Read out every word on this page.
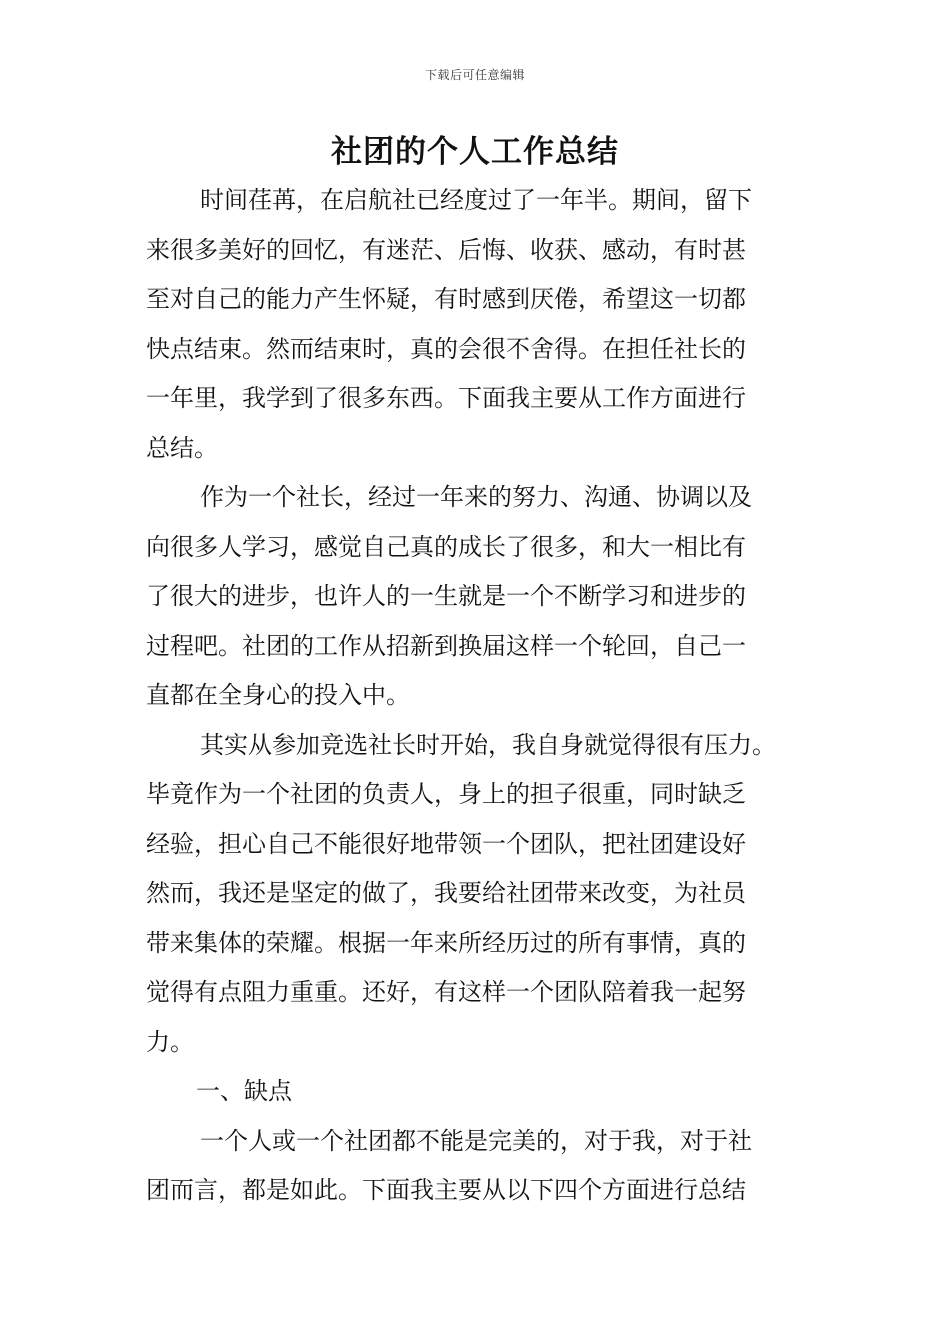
下载后可任意编辑
社团的个人工作总结
时间荏苒，在启航社已经度过了一年半。期间，留下
来很多美好的回忆，有迷茫、后悔、收获、感动，有时甚
至对自己的能力产生怀疑，有时感到厌倦，希望这一切都
快点结束。然而结束时，真的会很不舍得。在担任社长的
一年里，我学到了很多东西。下面我主要从工作方面进行
总结。
作为一个社长，经过一年来的努力、沟通、协调以及
向很多人学习，感觉自己真的成长了很多，和大一相比有
了很大的进步，也许人的一生就是一个不断学习和进步的
过程吧。社团的工作从招新到换届这样一个轮回，自己一
直都在全身心的投入中。
其实从参加竞选社长时开始，我自身就觉得很有压力。
毕竟作为一个社团的负责人，身上的担子很重，同时缺乏
经验，担心自己不能很好地带领一个团队，把社团建设好
然而，我还是坚定的做了，我要给社团带来改变，为社员
带来集体的荣耀。根据一年来所经历过的所有事情，真的
觉得有点阻力重重。还好，有这样一个团队陪着我一起努
力。
一、缺点
一个人或一个社团都不能是完美的，对于我，对于社
团而言，都是如此。下面我主要从以下四个方面进行总结
